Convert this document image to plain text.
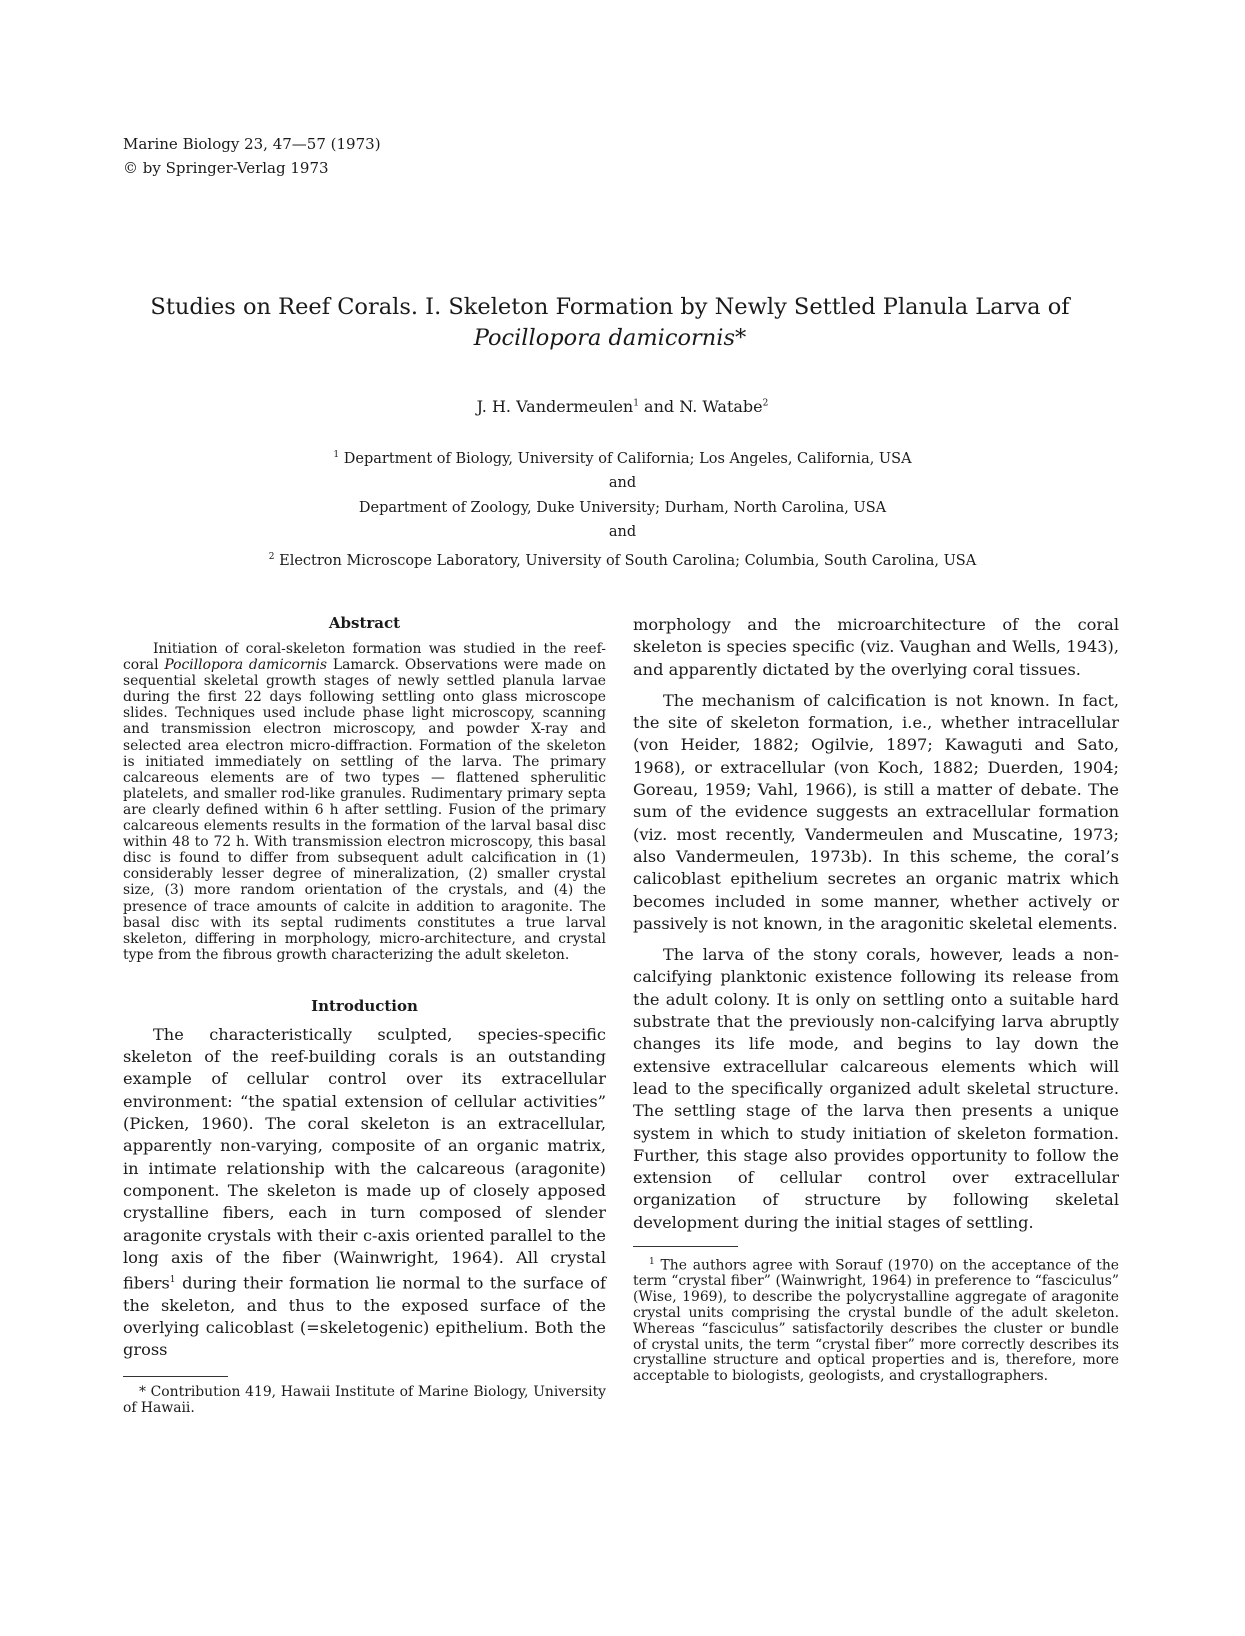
Marine Biology 23, 47—57 (1973)
© by Springer-Verlag 1973
Studies on Reef Corals. I. Skeleton Formation by Newly Settled Planula Larva of
Pocillopora damicornis*
J. H. Vandermeulen$^1$ and N. Watabe$^2$
$^1$ Department of Biology, University of California; Los Angeles, California, USA
and
Department of Zoology, Duke University; Durham, North Carolina, USA
and
$^2$ Electron Microscope Laboratory, University of South Carolina; Columbia, South Carolina, USA
Abstract

Initiation of coral-skeleton formation was studied in the reef-coral Pocillopora damicornis Lamarck. Observations were made on sequential skeletal growth stages of newly settled planula larvae during the first 22 days following settling onto glass microscope slides. Techniques used include phase light microscopy, scanning and transmission electron microscopy, and powder X-ray and selected area electron micro-diffraction. Formation of the skeleton is initiated immediately on settling of the larva. The primary calcareous elements are of two types — flattened spherulitic platelets, and smaller rod-like granules. Rudimentary primary septa are clearly defined within 6 h after settling. Fusion of the primary calcareous elements results in the formation of the larval basal disc within 48 to 72 h. With transmission electron microscopy, this basal disc is found to differ from subsequent adult calcification in (1) considerably lesser degree of mineralization, (2) smaller crystal size, (3) more random orientation of the crystals, and (4) the presence of trace amounts of calcite in addition to aragonite. The basal disc with its septal rudiments constitutes a true larval skeleton, differing in morphology, micro-architecture, and crystal type from the fibrous growth characterizing the adult skeleton.

Introduction

The characteristically sculpted, species-specific skeleton of the reef-building corals is an outstanding example of cellular control over its extracellular environment: “the spatial extension of cellular activities” (Picken, 1960). The coral skeleton is an extracellular, apparently non-varying, composite of an organic matrix, in intimate relationship with the calcareous (aragonite) component. The skeleton is made up of closely apposed crystalline fibers, each in turn composed of slender aragonite crystals with their c-axis oriented parallel to the long axis of the fiber (Wainwright, 1964). All crystal fibers$^1$ during their formation lie normal to the surface of the skeleton, and thus to the exposed surface of the overlying calicoblast (=skeletogenic) epithelium. Both the gross

* Contribution 419, Hawaii Institute of Marine Biology, University of Hawaii.

morphology and the microarchitecture of the coral skeleton is species specific (viz. Vaughan and Wells, 1943), and apparently dictated by the overlying coral tissues.

The mechanism of calcification is not known. In fact, the site of skeleton formation, i.e., whether intracellular (von Heider, 1882; Ogilvie, 1897; Kawaguti and Sato, 1968), or extracellular (von Koch, 1882; Duerden, 1904; Goreau, 1959; Vahl, 1966), is still a matter of debate. The sum of the evidence suggests an extracellular formation (viz. most recently, Vandermeulen and Muscatine, 1973; also Vandermeulen, 1973b). In this scheme, the coral’s calicoblast epithelium secretes an organic matrix which becomes included in some manner, whether actively or passively is not known, in the aragonitic skeletal elements.

The larva of the stony corals, however, leads a non-calcifying planktonic existence following its release from the adult colony. It is only on settling onto a suitable hard substrate that the previously non-calcifying larva abruptly changes its life mode, and begins to lay down the extensive extracellular calcareous elements which will lead to the specifically organized adult skeletal structure. The settling stage of the larva then presents a unique system in which to study initiation of skeleton formation. Further, this stage also provides opportunity to follow the extension of cellular control over extracellular organization of structure by following skeletal development during the initial stages of settling.

$^1$ The authors agree with Sorauf (1970) on the acceptance of the term “crystal fiber” (Wainwright, 1964) in preference to “fasciculus” (Wise, 1969), to describe the polycrystalline aggregate of aragonite crystal units comprising the crystal bundle of the adult skeleton. Whereas “fasciculus” satisfactorily describes the cluster or bundle of crystal units, the term “crystal fiber” more correctly describes its crystalline structure and optical properties and is, therefore, more acceptable to biologists, geologists, and crystallographers.
